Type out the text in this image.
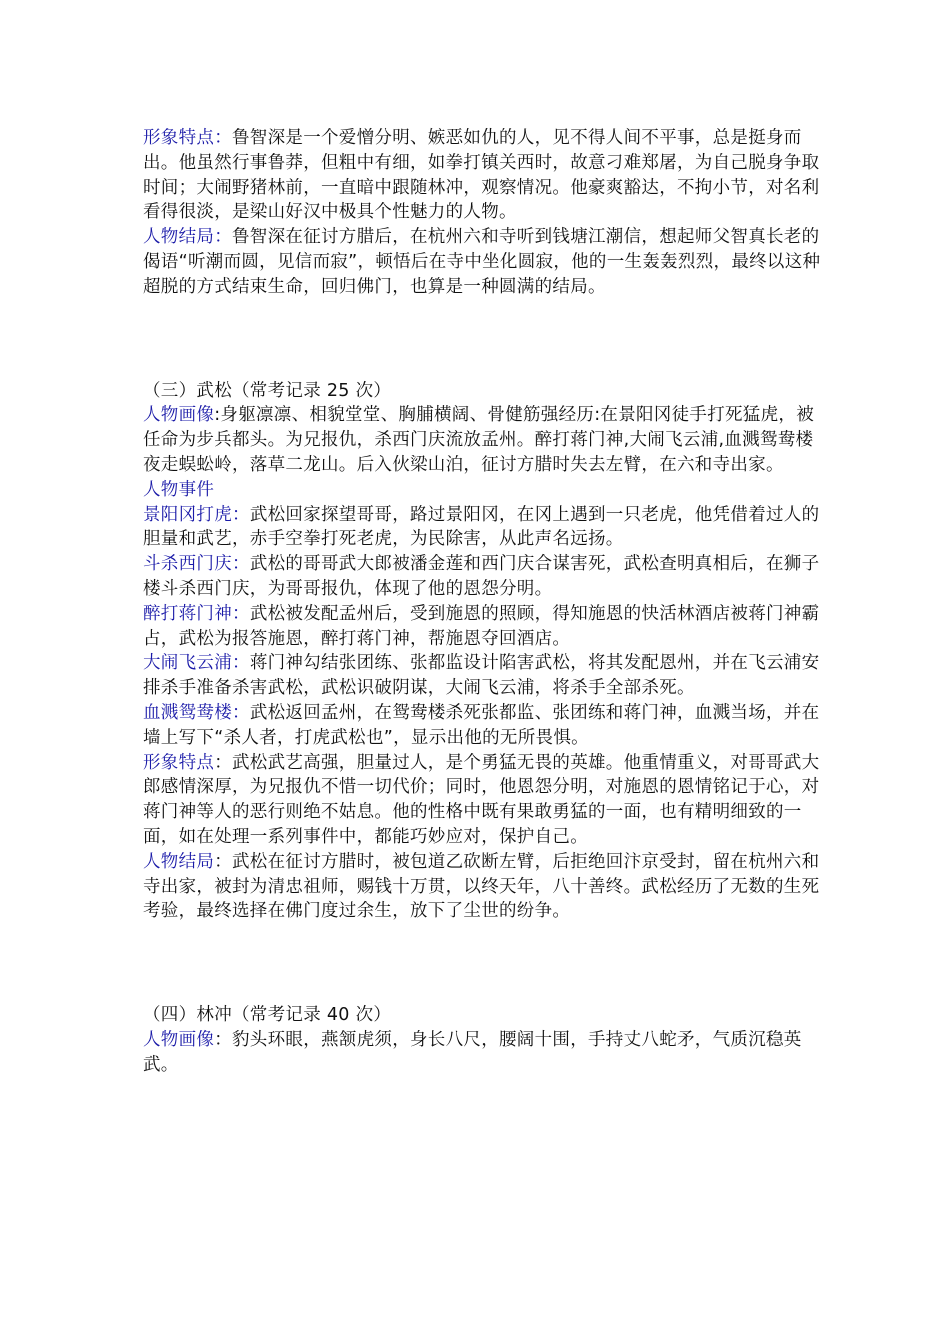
形象特点：鲁智深是一个爱憎分明、嫉恶如仇的人，见不得人间不平事，总是挺身而出。他虽然行事鲁莽，但粗中有细，如拳打镇关西时，故意刁难郑屠，为自己脱身争取时间；大闹野猪林前，一直暗中跟随林冲，观察情况。他豪爽豁达，不拘小节，对名利看得很淡，是梁山好汉中极具个性魅力的人物。

人物结局：鲁智深在征讨方腊后，在杭州六和寺听到钱塘江潮信，想起师父智真长老的偈语“听潮而圆，见信而寂”，顿悟后在寺中坐化圆寂，他的一生轰轰烈烈，最终以这种超脱的方式结束生命，回归佛门，也算是一种圆满的结局。

（三）武松（常考记录 25 次）

人物画像:身躯凛凛、相貌堂堂、胸脯横阔、骨健筋强经历:在景阳冈徒手打死猛虎，被任命为步兵都头。为兄报仇，杀西门庆流放孟州。醉打蒋门神,大闹飞云浦,血溅鸳鸯楼夜走蜈蚣岭，落草二龙山。后入伙梁山泊，征讨方腊时失去左臂，在六和寺出家。

人物事件

景阳冈打虎：武松回家探望哥哥，路过景阳冈，在冈上遇到一只老虎，他凭借着过人的胆量和武艺，赤手空拳打死老虎，为民除害，从此声名远扬。

斗杀西门庆：武松的哥哥武大郎被潘金莲和西门庆合谋害死，武松查明真相后，在狮子楼斗杀西门庆，为哥哥报仇，体现了他的恩怨分明。

醉打蒋门神：武松被发配孟州后，受到施恩的照顾，得知施恩的快活林酒店被蒋门神霸占，武松为报答施恩，醉打蒋门神，帮施恩夺回酒店。

大闹飞云浦：蒋门神勾结张团练、张都监设计陷害武松，将其发配恩州，并在飞云浦安排杀手准备杀害武松，武松识破阴谋，大闹飞云浦，将杀手全部杀死。

血溅鸳鸯楼：武松返回孟州，在鸳鸯楼杀死张都监、张团练和蒋门神，血溅当场，并在墙上写下“杀人者，打虎武松也”，显示出他的无所畏惧。

形象特点：武松武艺高强，胆量过人，是个勇猛无畏的英雄。他重情重义，对哥哥武大郎感情深厚，为兄报仇不惜一切代价；同时，他恩怨分明，对施恩的恩情铭记于心，对蒋门神等人的恶行则绝不姑息。他的性格中既有果敢勇猛的一面，也有精明细致的一面，如在处理一系列事件中，都能巧妙应对，保护自己。

人物结局：武松在征讨方腊时，被包道乙砍断左臂，后拒绝回汴京受封，留在杭州六和寺出家，被封为清忠祖师，赐钱十万贯，以终天年，八十善终。武松经历了无数的生死考验，最终选择在佛门度过余生，放下了尘世的纷争。

（四）林冲（常考记录 40 次）

人物画像：豹头环眼，燕颔虎须，身长八尺，腰阔十围，手持丈八蛇矛，气质沉稳英武。
